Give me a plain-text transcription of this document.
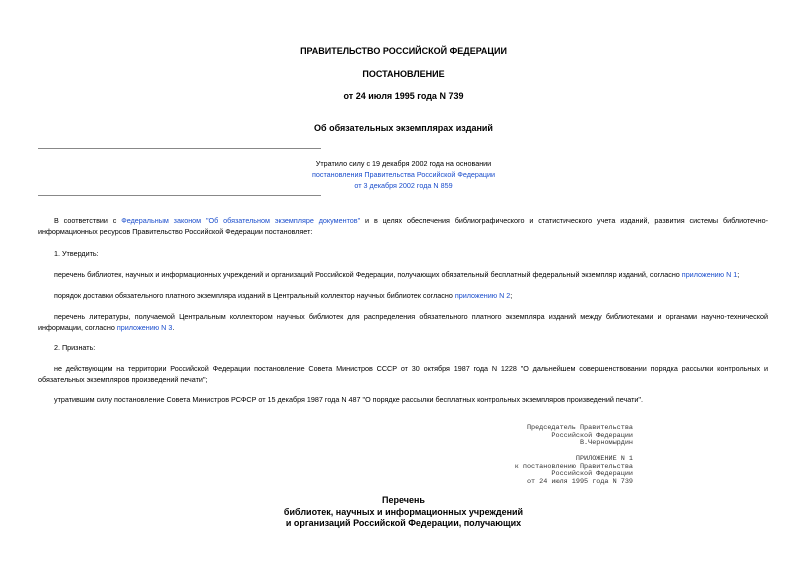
ПРАВИТЕЛЬСТВО РОССИЙСКОЙ ФЕДЕРАЦИИ
ПОСТАНОВЛЕНИЕ
от 24 июля 1995 года N 739
Об обязательных экземплярах изданий
Утратило силу с 19 декабря 2002 года на основании
постановления Правительства Российской Федерации
от 3 декабря 2002 года N 859
В соответствии с Федеральным законом "Об обязательном экземпляре документов" и в целях обеспечения библиографического и статистического учета изданий, развития системы библиотечно-информационных ресурсов Правительство Российской Федерации постановляет:
1. Утвердить:
перечень библиотек, научных и информационных учреждений и организаций Российской Федерации, получающих обязательный бесплатный федеральный экземпляр изданий, согласно приложению N 1;
порядок доставки обязательного платного экземпляра изданий в Центральный коллектор научных библиотек согласно приложению N 2;
перечень литературы, получаемой Центральным коллектором научных библиотек для распределения обязательного платного экземпляра изданий между библиотеками и органами научно-технической информации, согласно приложению N 3.
2. Признать:
не действующим на территории Российской Федерации постановление Совета Министров СССР от 30 октября 1987 года N 1228 "О дальнейшем совершенствовании порядка рассылки контрольных и обязательных экземпляров произведений печати";
утратившим силу постановление Совета Министров РСФСР от 15 декабря 1987 года N 487 "О порядке рассылки бесплатных контрольных экземпляров произведений печати".
Председатель Правительства
Российской Федерации
В.Черномырдин
ПРИЛОЖЕНИЕ N 1
к постановлению Правительства
Российской Федерации
от 24 июля 1995 года N 739
Перечень
библиотек, научных и информационных учреждений
и организаций Российской Федерации, получающих
